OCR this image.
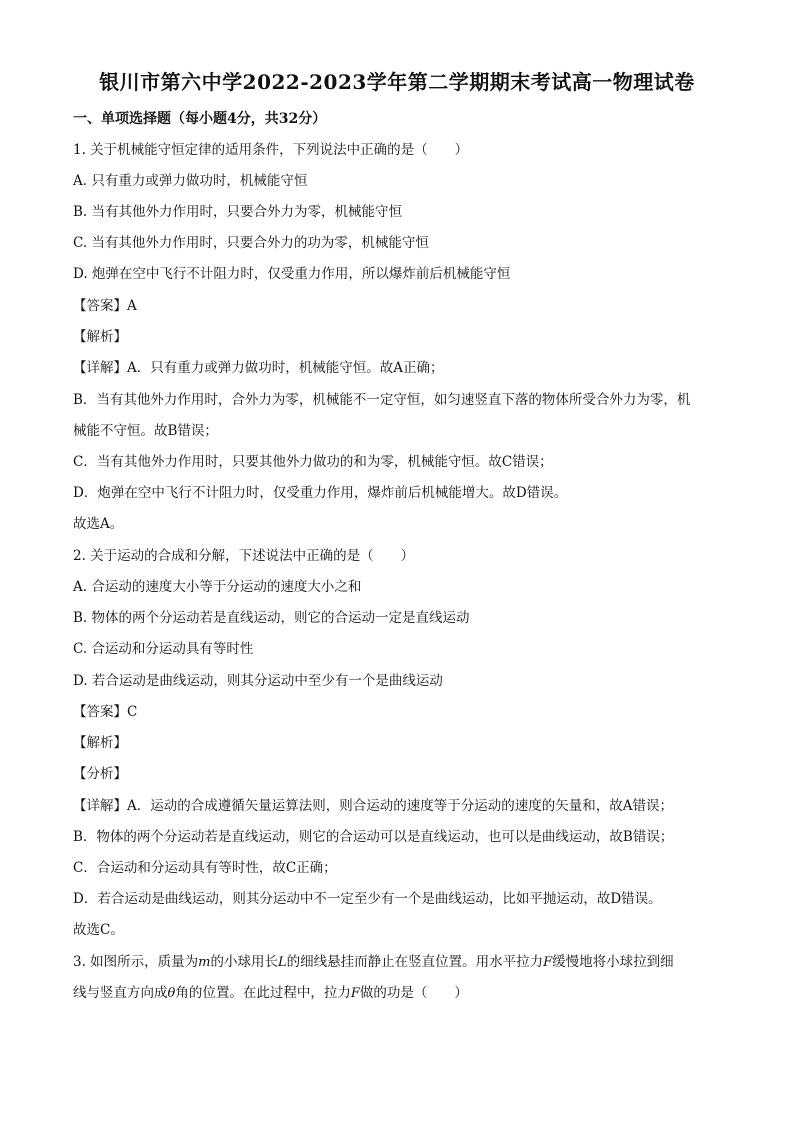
银川市第六中学2022-2023学年第二学期期末考试高一物理试卷
一、单项选择题（每小题4分，共32分）
1. 关于机械能守恒定律的适用条件，下列说法中正确的是（　　）
A. 只有重力或弹力做功时，机械能守恒
B. 当有其他外力作用时，只要合外力为零，机械能守恒
C. 当有其他外力作用时，只要合外力的功为零，机械能守恒
D. 炮弹在空中飞行不计阻力时，仅受重力作用，所以爆炸前后机械能守恒
【答案】A
【解析】
【详解】A．只有重力或弹力做功时，机械能守恒。故A正确；
B．当有其他外力作用时，合外力为零，机械能不一定守恒，如匀速竖直下落的物体所受合外力为零，机
械能不守恒。故B错误；
C．当有其他外力作用时，只要其他外力做功的和为零，机械能守恒。故C错误；
D．炮弹在空中飞行不计阻力时，仅受重力作用，爆炸前后机械能增大。故D错误。
故选A。
2. 关于运动的合成和分解，下述说法中正确的是（　　）
A. 合运动的速度大小等于分运动的速度大小之和
B. 物体的两个分运动若是直线运动，则它的合运动一定是直线运动
C. 合运动和分运动具有等时性
D. 若合运动是曲线运动，则其分运动中至少有一个是曲线运动
【答案】C
【解析】
【分析】
【详解】A．运动的合成遵循矢量运算法则，则合运动的速度等于分运动的速度的矢量和，故A错误；
B．物体的两个分运动若是直线运动，则它的合运动可以是直线运动，也可以是曲线运动，故B错误；
C．合运动和分运动具有等时性，故C正确；
D．若合运动是曲线运动，则其分运动中不一定至少有一个是曲线运动，比如平抛运动，故D错误。
故选C。
3. 如图所示，质量为m的小球用长L的细线悬挂而静止在竖直位置。用水平拉力F缓慢地将小球拉到细
线与竖直方向成θ角的位置。在此过程中，拉力F做的功是（　　）
